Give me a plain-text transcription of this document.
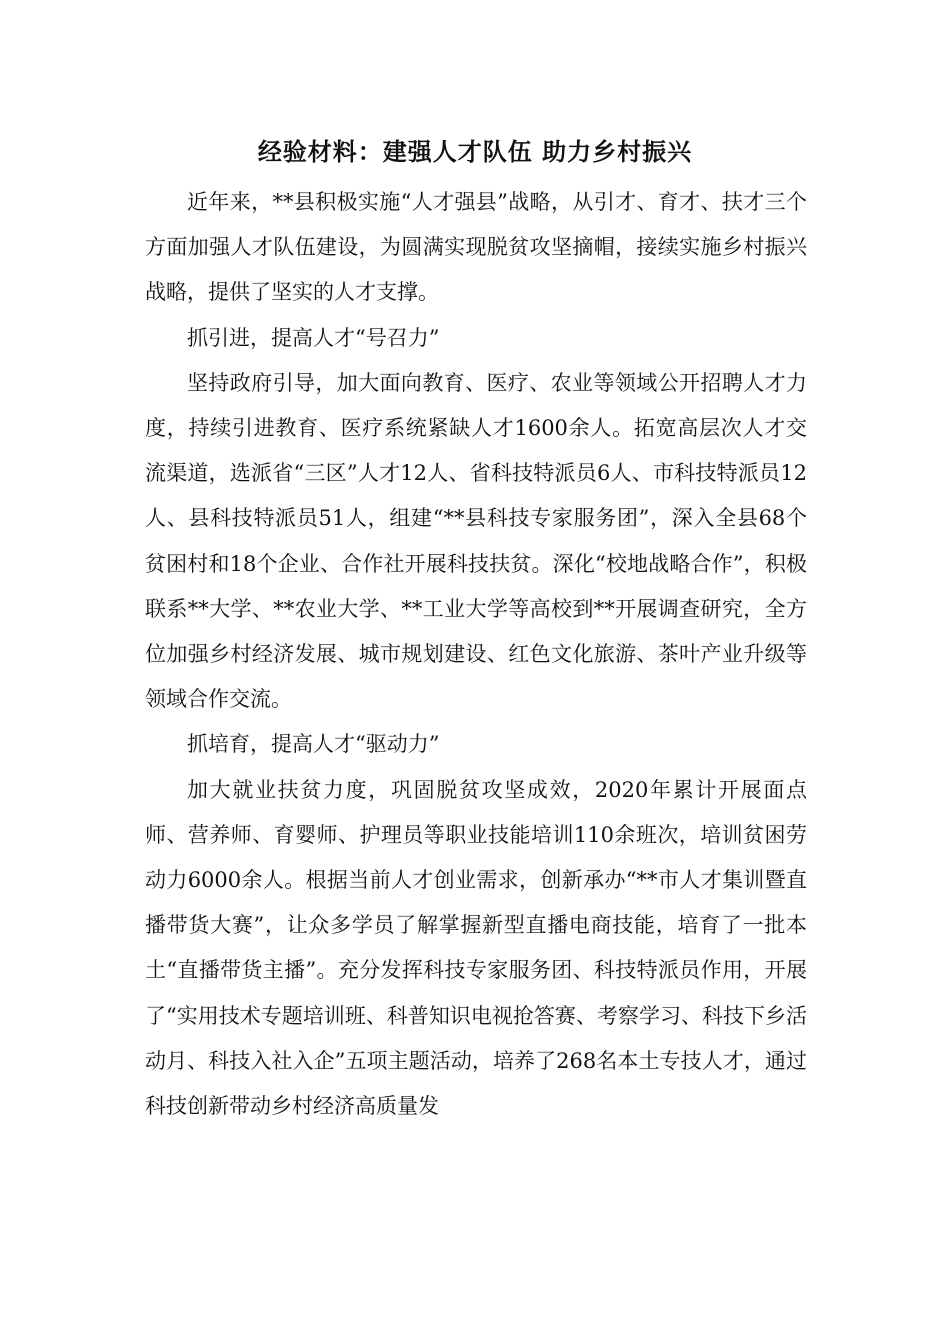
经验材料：建强人才队伍 助力乡村振兴

近年来，**县积极实施“人才强县”战略，从引才、育才、扶才三个方面加强人才队伍建设，为圆满实现脱贫攻坚摘帽，接续实施乡村振兴战略，提供了坚实的人才支撑。

抓引进，提高人才“号召力”

坚持政府引导，加大面向教育、医疗、农业等领域公开招聘人才力度，持续引进教育、医疗系统紧缺人才1600余人。拓宽高层次人才交流渠道，选派省“三区”人才12人、省科技特派员6人、市科技特派员12人、县科技特派员51人，组建“**县科技专家服务团”，深入全县68个贫困村和18个企业、合作社开展科技扶贫。深化“校地战略合作”，积极联系**大学、**农业大学、**工业大学等高校到**开展调查研究，全方位加强乡村经济发展、城市规划建设、红色文化旅游、茶叶产业升级等领域合作交流。

抓培育，提高人才“驱动力”

加大就业扶贫力度，巩固脱贫攻坚成效，2020年累计开展面点师、营养师、育婴师、护理员等职业技能培训110余班次，培训贫困劳动力6000余人。根据当前人才创业需求，创新承办“**市人才集训暨直播带货大赛”，让众多学员了解掌握新型直播电商技能，培育了一批本土“直播带货主播”。充分发挥科技专家服务团、科技特派员作用，开展了“实用技术专题培训班、科普知识电视抢答赛、考察学习、科技下乡活动月、科技入社入企”五项主题活动，培养了268名本土专技人才，通过科技创新带动乡村经济高质量发
